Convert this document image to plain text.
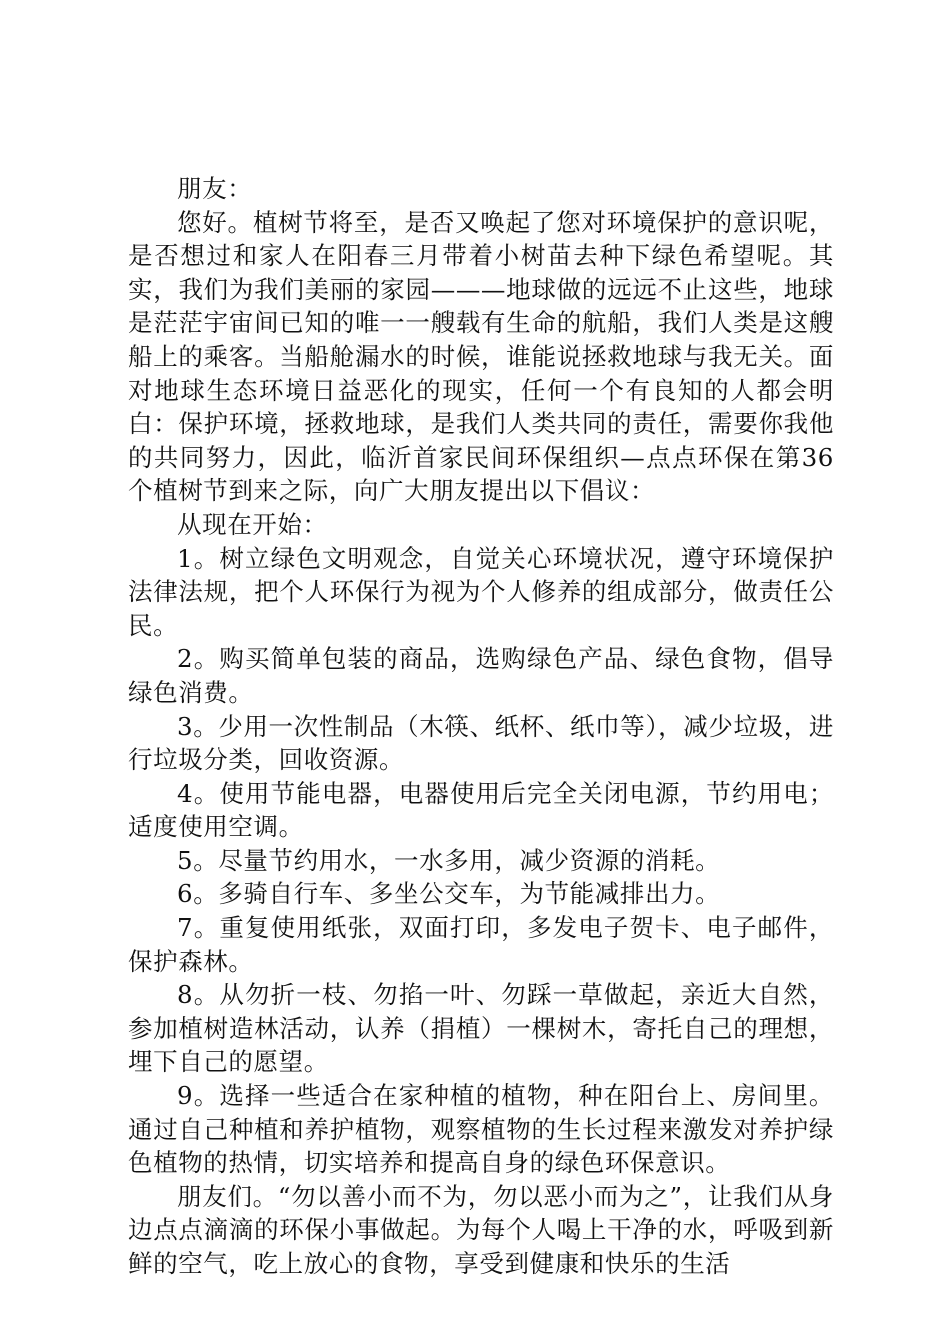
朋友：

您好。植树节将至，是否又唤起了您对环境保护的意识呢，是否想过和家人在阳春三月带着小树苗去种下绿色希望呢。其实，我们为我们美丽的家园———地球做的远远不止这些，地球是茫茫宇宙间已知的唯一一艘载有生命的航船，我们人类是这艘船上的乘客。当船舱漏水的时候，谁能说拯救地球与我无关。面对地球生态环境日益恶化的现实，任何一个有良知的人都会明白：保护环境，拯救地球，是我们人类共同的责任，需要你我他的共同努力，因此，临沂首家民间环保组织—点点环保在第36个植树节到来之际，向广大朋友提出以下倡议：

从现在开始：

1。树立绿色文明观念，自觉关心环境状况，遵守环境保护法律法规，把个人环保行为视为个人修养的组成部分，做责任公民。

2。购买简单包装的商品，选购绿色产品、绿色食物，倡导绿色消费。

3。少用一次性制品（木筷、纸杯、纸巾等），减少垃圾，进行垃圾分类，回收资源。

4。使用节能电器，电器使用后完全关闭电源，节约用电；适度使用空调。

5。尽量节约用水，一水多用，减少资源的消耗。

6。多骑自行车、多坐公交车，为节能减排出力。

7。重复使用纸张，双面打印，多发电子贺卡、电子邮件，保护森林。

8。从勿折一枝、勿掐一叶、勿踩一草做起，亲近大自然，参加植树造林活动，认养（捐植）一棵树木，寄托自己的理想，埋下自己的愿望。

9。选择一些适合在家种植的植物，种在阳台上、房间里。通过自己种植和养护植物，观察植物的生长过程来激发对养护绿色植物的热情，切实培养和提高自身的绿色环保意识。

朋友们。“勿以善小而不为，勿以恶小而为之”，让我们从身边点点滴滴的环保小事做起。为每个人喝上干净的水，呼吸到新鲜的空气，吃上放心的食物，享受到健康和快乐的生活
